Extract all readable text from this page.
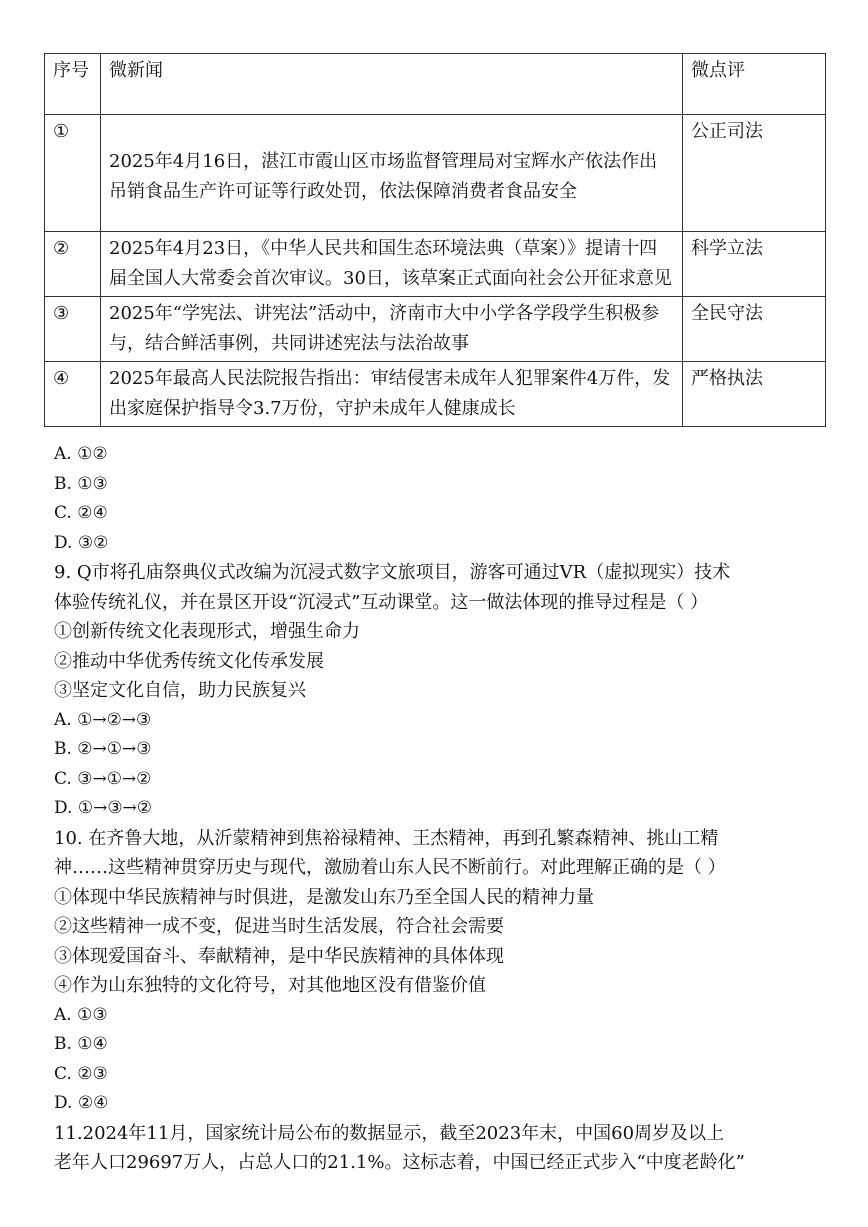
序号	微新闻	微点评
①	2025年4月16日，湛江市霞山区市场监督管理局对宝辉水产依法作出吊销食品生产许可证等行政处罚，依法保障消费者食品安全	公正司法
②	2025年4月23日，《中华人民共和国生态环境法典（草案）》提请十四届全国人大常委会首次审议。30日，该草案正式面向社会公开征求意见	科学立法
③	2025年“学宪法、讲宪法”活动中，济南市大中小学各学段学生积极参与，结合鲜活事例，共同讲述宪法与法治故事	全民守法
④	2025年最高人民法院报告指出：审结侵害未成年人犯罪案件4万件，发出家庭保护指导令3.7万份，守护未成年人健康成长	严格执法
A. ①②
B. ①③
C. ②④
D. ③②
9. Q市将孔庙祭典仪式改编为沉浸式数字文旅项目，游客可通过VR（虚拟现实）技术
体验传统礼仪，并在景区开设“沉浸式”互动课堂。这一做法体现的推导过程是（ ）
①创新传统文化表现形式，增强生命力
②推动中华优秀传统文化传承发展
③坚定文化自信，助力民族复兴
A. ①→②→③
B. ②→①→③
C. ③→①→②
D. ①→③→②
10. 在齐鲁大地，从沂蒙精神到焦裕禄精神、王杰精神，再到孔繁森精神、挑山工精
神……这些精神贯穿历史与现代，激励着山东人民不断前行。对此理解正确的是（ ）
①体现中华民族精神与时俱进，是激发山东乃至全国人民的精神力量
②这些精神一成不变，促进当时生活发展，符合社会需要
③体现爱国奋斗、奉献精神，是中华民族精神的具体体现
④作为山东独特的文化符号，对其他地区没有借鉴价值
A. ①③
B. ①④
C. ②③
D. ②④
11.2024年11月，国家统计局公布的数据显示，截至2023年末，中国60周岁及以上
老年人口29697万人，占总人口的21.1%。这标志着，中国已经正式步入“中度老龄化”
